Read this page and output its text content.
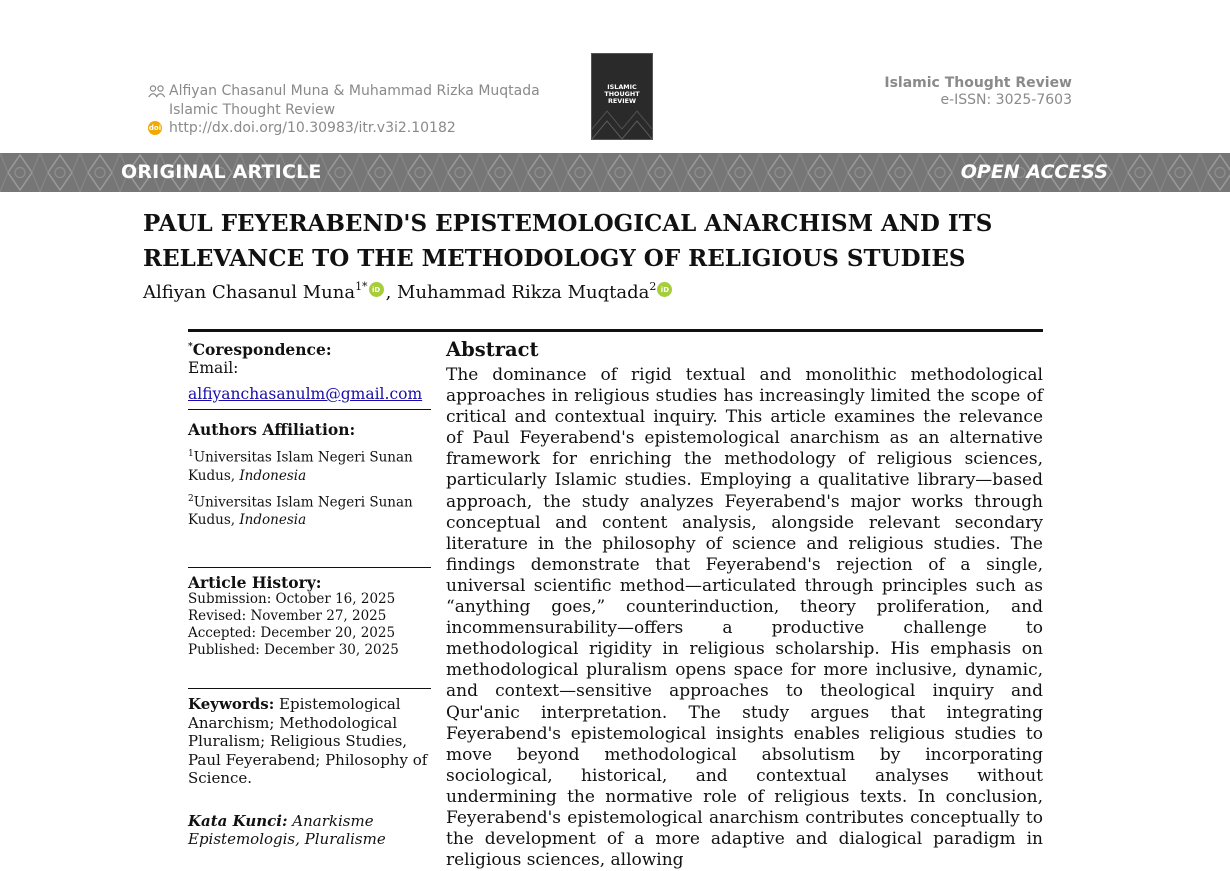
Alfiyan Chasanul Muna & Muhammad Rizka Muqtada
Islamic Thought Review
doi http://dx.doi.org/10.30983/itr.v3i2.10182
ISLAMIC
THOUGHT
REVIEW
Islamic Thought Review
e-ISSN: 3025-7603
ORIGINAL ARTICLE	OPEN ACCESS
PAUL FEYERABEND'S EPISTEMOLOGICAL ANARCHISM AND ITS
RELEVANCE TO THE METHODOLOGY OF RELIGIOUS STUDIES
Alfiyan Chasanul Muna$^{1*}$ iD , Muhammad Rikza Muqtada$^2$ iD
*Corespondence:
Email:
alfiyanchasanulm@gmail.com
Authors Affiliation:
$^1$Universitas Islam Negeri Sunan Kudus, Indonesia
$^2$Universitas Islam Negeri Sunan Kudus, Indonesia
Article History:
Submission: October 16, 2025
Revised: November 27, 2025
Accepted: December 20, 2025
Published: December 30, 2025
Keywords: Epistemological Anarchism; Methodological Pluralism; Religious Studies, Paul Feyerabend; Philosophy of Science.
Kata Kunci: Anarkisme Epistemologis, Pluralisme
Abstract

The dominance of rigid textual and monolithic methodological approaches in religious studies has increasingly limited the scope of critical and contextual inquiry. This article examines the relevance of Paul Feyerabend's epistemological anarchism as an alternative framework for enriching the methodology of religious sciences, particularly Islamic studies. Employing a qualitative library—based approach, the study analyzes Feyerabend's major works through conceptual and content analysis, alongside relevant secondary literature in the philosophy of science and religious studies. The findings demonstrate that Feyerabend's rejection of a single, universal scientific method—articulated through principles such as “anything goes,” counterinduction, theory proliferation, and incommensurability—offers a productive challenge to methodological rigidity in religious scholarship. His emphasis on methodological pluralism opens space for more inclusive, dynamic, and context—sensitive approaches to theological inquiry and Qur'anic interpretation. The study argues that integrating Feyerabend's epistemological insights enables religious studies to move beyond methodological absolutism by incorporating sociological, historical, and contextual analyses without undermining the normative role of religious texts. In conclusion, Feyerabend's epistemological anarchism contributes conceptually to the development of a more adaptive and dialogical paradigm in religious sciences, allowing
